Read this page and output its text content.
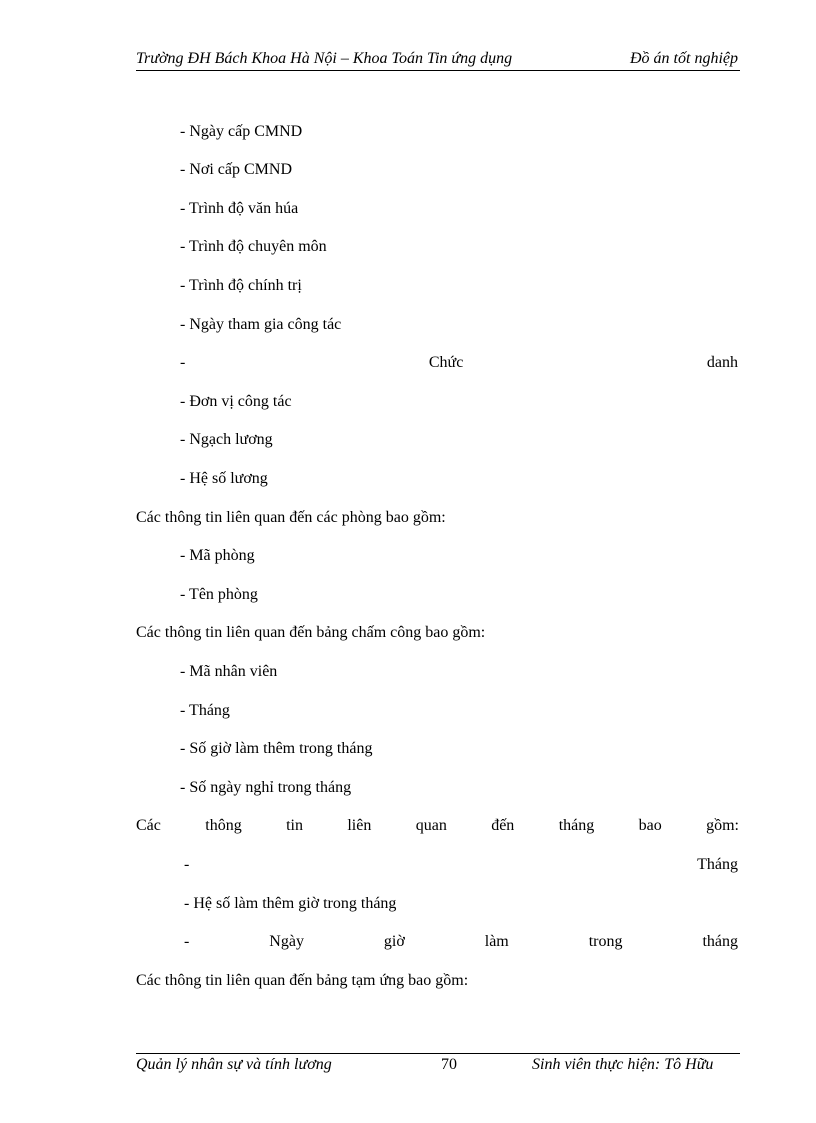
Trường ĐH Bách Khoa Hà Nội – Khoa Toán Tin ứng dụng	Đồ án tốt nghiệp
- Ngày cấp CMND
- Nơi cấp CMND
- Trình độ văn húa
- Trình độ chuyên môn
- Trình độ chính trị
- Ngày tham gia công tác
-	Chức	danh
- Đơn vị công tác
- Ngạch lương
- Hệ số lương
Các thông tin liên quan đến các phòng bao gồm:
- Mã phòng
- Tên phòng
Các thông tin liên quan đến bảng chấm công bao gồm:
- Mã nhân viên
- Tháng
- Số giờ làm thêm trong tháng
- Số ngày nghỉ trong tháng
Các	thông	tin	liên	quan	đến	tháng	bao	gồm:
-	Tháng
- Hệ số làm thêm giờ trong tháng
-	Ngày	giờ	làm	trong	tháng
Các thông tin liên quan đến bảng tạm ứng bao gồm:
Quản lý nhân sự và tính lương	70	Sinh viên thực hiện: Tô Hữu
